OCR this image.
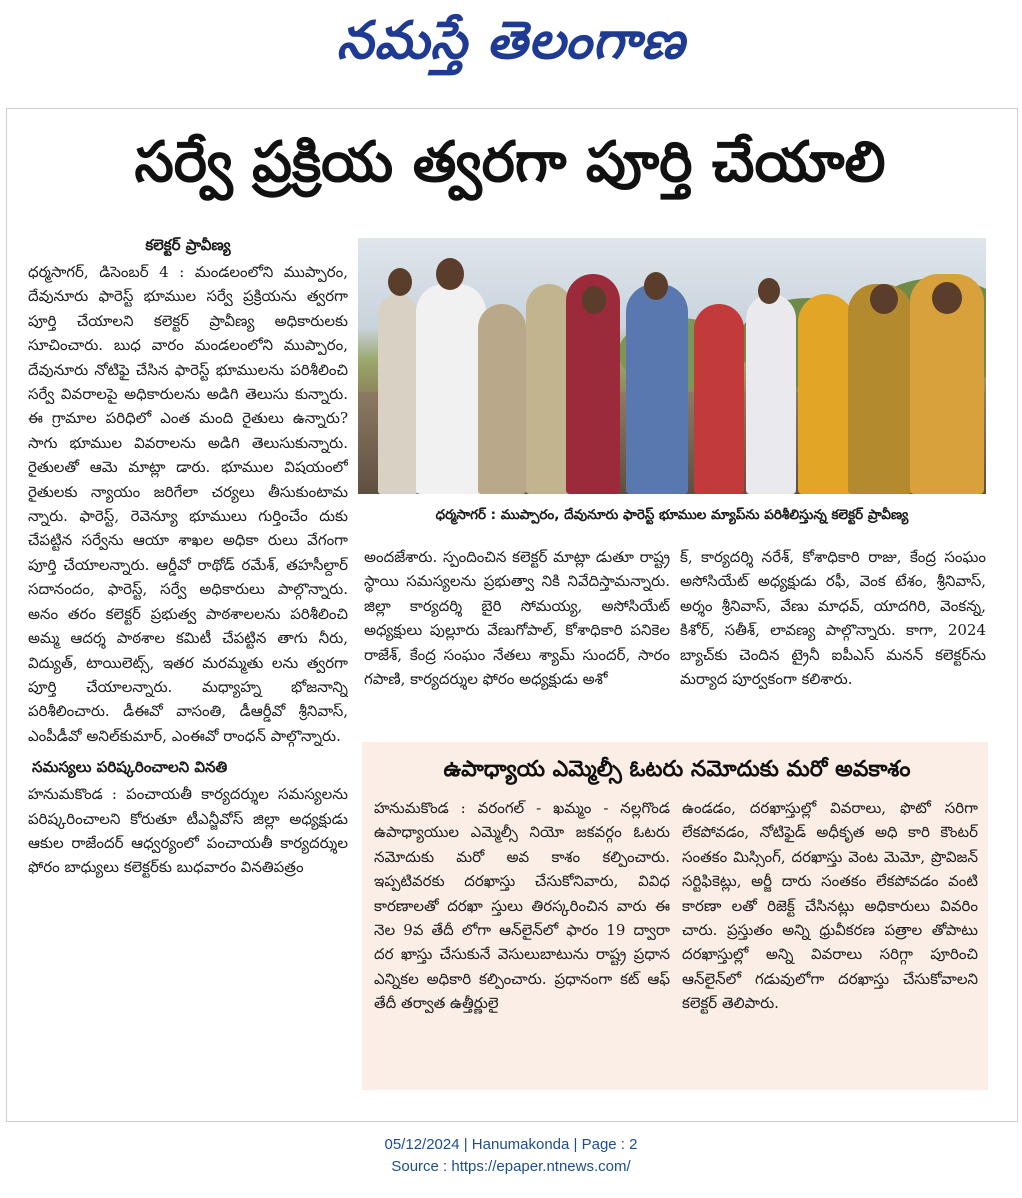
నమస్తే తెలంగాణ
సర్వే ప్రక్రియ త్వరగా పూర్తి చేయాలి

కలెక్టర్ ప్రావీణ్య

ధర్మసాగర్, డిసెంబర్ 4 : మండలంలోని ముప్పారం, దేవునూరు ఫారెస్ట్ భూముల సర్వే ప్రక్రియను త్వరగా పూర్తి చేయాలని కలెక్టర్ ప్రావీణ్య అధికారులకు సూచించారు. బుధ వారం మండలంలోని ముప్పారం, దేవునూరు నోటిఫై చేసిన ఫారెస్ట్ భూములను పరిశీలించి సర్వే వివరాలపై అధికారులను అడిగి తెలుసు కున్నారు. ఈ గ్రామాల పరిధిలో ఎంత మంది రైతులు ఉన్నారు? సాగు భూముల వివరాలను అడిగి తెలుసుకున్నారు. రైతులతో ఆమె మాట్లా డారు. భూముల విషయంలో రైతులకు న్యాయం జరిగేలా చర్యలు తీసుకుంటామ న్నారు. ఫారెస్ట్, రెవెన్యూ భూములు గుర్తించేం దుకు చేపట్టిన సర్వేను ఆయా శాఖల అధికా రులు వేగంగా పూర్తి చేయాలన్నారు. ఆర్డీవో రాథోడ్ రమేశ్, తహసీల్దార్ సదానందం, ఫారెస్ట్, సర్వే అధికారులు పాల్గొన్నారు. అనం తరం కలెక్టర్ ప్రభుత్వ పాఠశాలలను పరిశీలించి అమ్మ ఆదర్శ పాఠశాల కమిటీ చేపట్టిన తాగు నీరు, విద్యుత్, టాయిలెట్స్, ఇతర మరమ్మతు లను త్వరగా పూర్తి చేయాలన్నారు. మధ్యాహ్న భోజనాన్ని పరిశీలించారు. డీఈవో వాసంతి, డీఆర్డీవో శ్రీనివాస్, ఎంపీడీవో అనిల్‌కుమార్, ఎంఈవో రాంధన్ పాల్గొన్నారు.

సమస్యలు పరిష్కరించాలని వినతి

హనుమకొండ : పంచాయతీ కార్యదర్శుల సమస్యలను పరిష్కరించాలని కోరుతూ టీఎన్జీవోస్ జిల్లా అధ్యక్షుడు ఆకుల రాజేందర్ ఆధ్వర్యంలో పంచాయతీ కార్యదర్శుల ఫోరం బాధ్యులు కలెక్టర్‌కు బుధవారం వినతిపత్రం

ధర్మసాగర్ : ముప్పారం, దేవునూరు ఫారెస్ట్ భూముల మ్యాప్‌ను పరిశీలిస్తున్న కలెక్టర్ ప్రావీణ్య

అందజేశారు. స్పందించిన కలెక్టర్ మాట్లా డుతూ రాష్ట్ర స్థాయి సమస్యలను ప్రభుత్వా నికి నివేదిస్తామన్నారు. జిల్లా కార్యదర్శి బైరి సోమయ్య, అసోసియేట్ అధ్యక్షులు పుల్లూరు వేణుగోపాల్, కోశాధికారి పనికెల రాజేశ్, కేంద్ర సంఘం నేతలు శ్యామ్ సుందర్, సారం గపాణి, కార్యదర్శుల ఫోరం అధ్యక్షుడు అశో

క్, కార్యదర్శి నరేశ్, కోశాధికారి రాజు, కేంద్ర సంఘం అసోసియేట్ అధ్యక్షుడు రఫీ, వెంక టేశం, శ్రీనివాస్, అర్శం శ్రీనివాస్, వేణు మాధవ్, యాదగిరి, వెంకన్న, కిశోర్, సతీశ్, లావణ్య పాల్గొన్నారు. కాగా, 2024 బ్యాచ్‌కు చెందిన ట్రైనీ ఐపీఎస్ మనన్ కలెక్టర్‌ను మర్యాద పూర్వకంగా కలిశారు.

ఉపాధ్యాయ ఎమ్మెల్సీ ఓటరు నమోదుకు మరో అవకాశం

హనుమకొండ : వరంగల్ - ఖమ్మం - నల్లగొండ ఉపాధ్యాయుల ఎమ్మెల్సీ నియో జకవర్గం ఓటరు నమోదుకు మరో అవ కాశం కల్పించారు. ఇప్పటివరకు దరఖాస్తు చేసుకోనివారు, వివిధ కారణాలతో దరఖా స్తులు తిరస్కరించిన వారు ఈ నెల 9వ తేదీ లోగా ఆన్‌లైన్‌లో ఫారం 19 ద్వారా దర ఖాస్తు చేసుకునే వెసులుబాటును రాష్ట్ర ప్రధాన ఎన్నికల అధికారి కల్పించారు. ప్రధానంగా కట్ ఆఫ్ తేదీ తర్వాత ఉత్తీర్ణులై

ఉండడం, దరఖాస్తుల్లో వివరాలు, ఫొటో సరిగా లేకపోవడం, నోటిఫైడ్ అధీకృత అధి కారి కౌంటర్ సంతకం మిస్సింగ్, దరఖాస్తు వెంట మెమో, ప్రొవిజన్ సర్టిఫికెట్లు, అర్జీ దారు సంతకం లేకపోవడం వంటి కారణా లతో రిజెక్ట్ చేసినట్లు అధికారులు వివరిం చారు. ప్రస్తుతం అన్ని ధ్రువీకరణ పత్రాల తోపాటు దరఖాస్తుల్లో అన్ని వివరాలు సరిగ్గా పూరించి ఆన్‌లైన్‌లో గడువులోగా దరఖాస్తు చేసుకోవాలని కలెక్టర్ తెలిపారు.

05/12/2024 | Hanumakonda | Page : 2
Source : https://epaper.ntnews.com/
